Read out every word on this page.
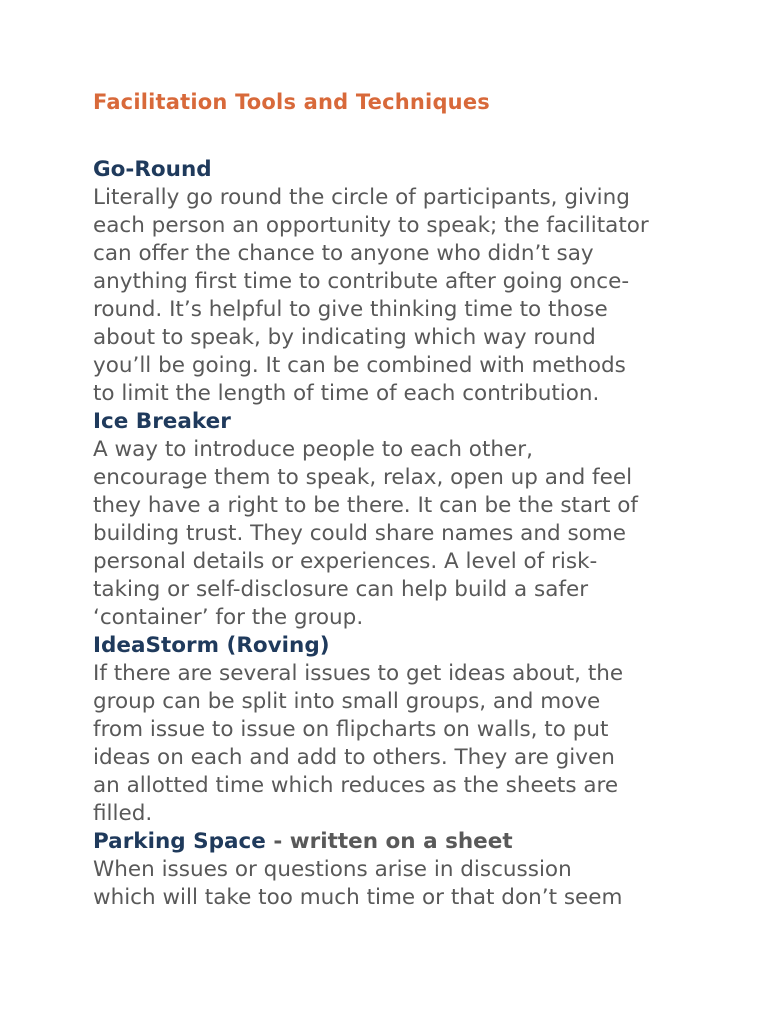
Facilitation Tools and Techniques
Go-Round

Literally go round the circle of participants, giving
each person an opportunity to speak; the facilitator
can offer the chance to anyone who didn’t say
anything first time to contribute after going once-
round. It’s helpful to give thinking time to those
about to speak, by indicating which way round
you’ll be going. It can be combined with methods
to limit the length of time of each contribution.

Ice Breaker

A way to introduce people to each other,
encourage them to speak, relax, open up and feel
they have a right to be there. It can be the start of
building trust. They could share names and some
personal details or experiences. A level of risk-
taking or self-disclosure can help build a safer
‘container’ for the group.

IdeaStorm (Roving)

If there are several issues to get ideas about, the
group can be split into small groups, and move
from issue to issue on flipcharts on walls, to put
ideas on each and add to others. They are given
an allotted time which reduces as the sheets are
filled.

Parking Space - written on a sheet

When issues or questions arise in discussion
which will take too much time or that don’t seem
